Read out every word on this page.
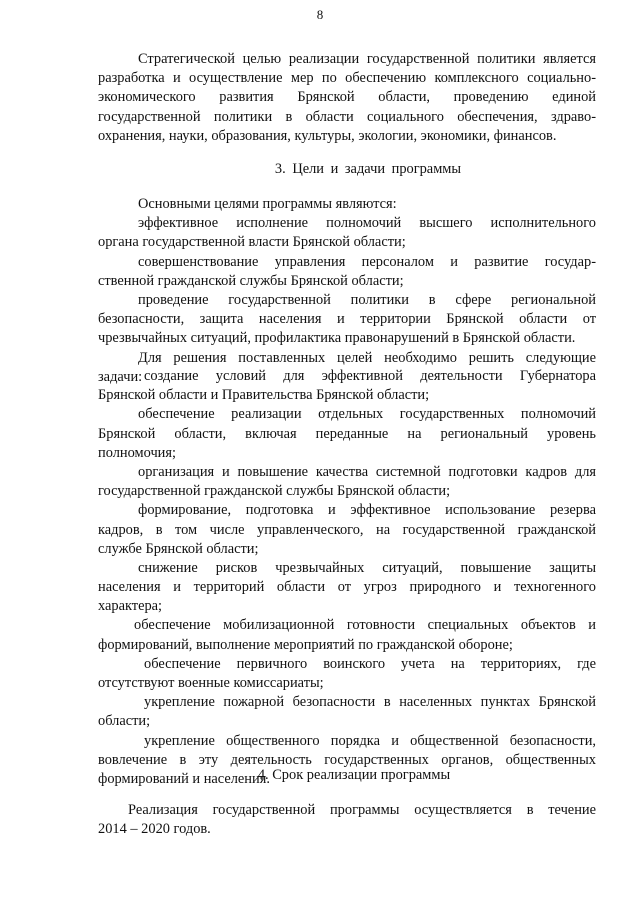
8
Стратегической целью реализации государственной политики является
разработка и осуществление мер по обеспечению комплексного социально-
экономического развития Брянской области, проведению единой
государственной политики в области социального обеспечения, здраво-
охранения, науки, образования, культуры, экологии, экономики, финансов.
3. Цели и задачи программы
Основными целями программы являются:
эффективное исполнение полномочий высшего исполнительного
органа государственной власти Брянской области;
совершенствование управления персоналом и развитие государ-
ственной гражданской службы Брянской области;
проведение государственной политики в сфере региональной
безопасности, защита населения и территории Брянской области от
чрезвычайных ситуаций, профилактика правонарушений в Брянской области.
Для решения поставленных целей необходимо решить следующие
задачи: создание условий для эффективной деятельности Губернатора
Брянской области и Правительства Брянской области;
обеспечение реализации отдельных государственных полномочий
Брянской области, включая переданные на региональный уровень
полномочия;
организация и повышение качества системной подготовки кадров для
государственной гражданской службы Брянской области;
формирование, подготовка и эффективное использование резерва
кадров, в том числе управленческого, на государственной гражданской
службе Брянской области;
снижение рисков чрезвычайных ситуаций, повышение защиты
населения и территорий области от угроз природного и техногенного
характера;
обеспечение мобилизационной готовности специальных объектов и
формирований, выполнение мероприятий по гражданской обороне;
обеспечение первичного воинского учета на территориях, где
отсутствуют военные комиссариаты;
укрепление пожарной безопасности в населенных пунктах Брянской
области;
укрепление общественного порядка и общественной безопасности,
вовлечение в эту деятельность государственных органов, общественных
формирований и населения.
4. Срок реализации программы
Реализация государственной программы осуществляется в течение
2014 – 2020 годов.
